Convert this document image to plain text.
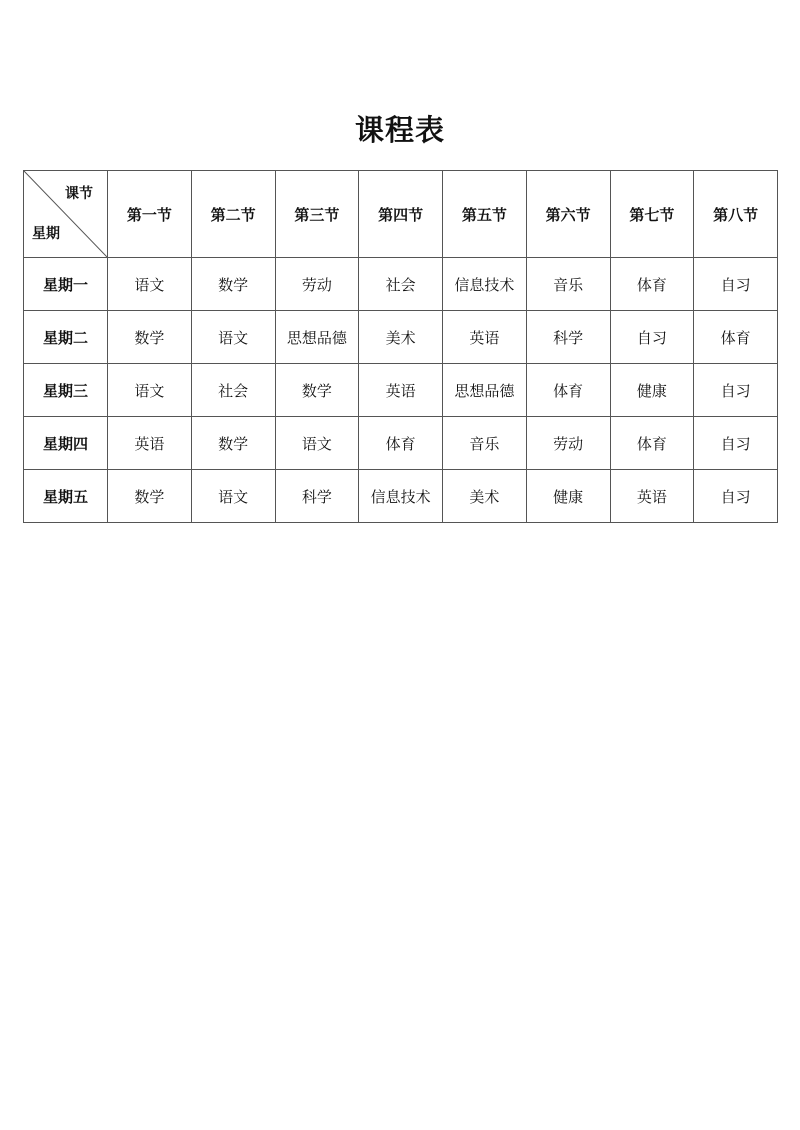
课程表
课节
星期	第一节	第二节	第三节	第四节	第五节	第六节	第七节	第八节
星期一	语文	数学	劳动	社会	信息技术	音乐	体育	自习
星期二	数学	语文	思想品德	美术	英语	科学	自习	体育
星期三	语文	社会	数学	英语	思想品德	体育	健康	自习
星期四	英语	数学	语文	体育	音乐	劳动	体育	自习
星期五	数学	语文	科学	信息技术	美术	健康	英语	自习
